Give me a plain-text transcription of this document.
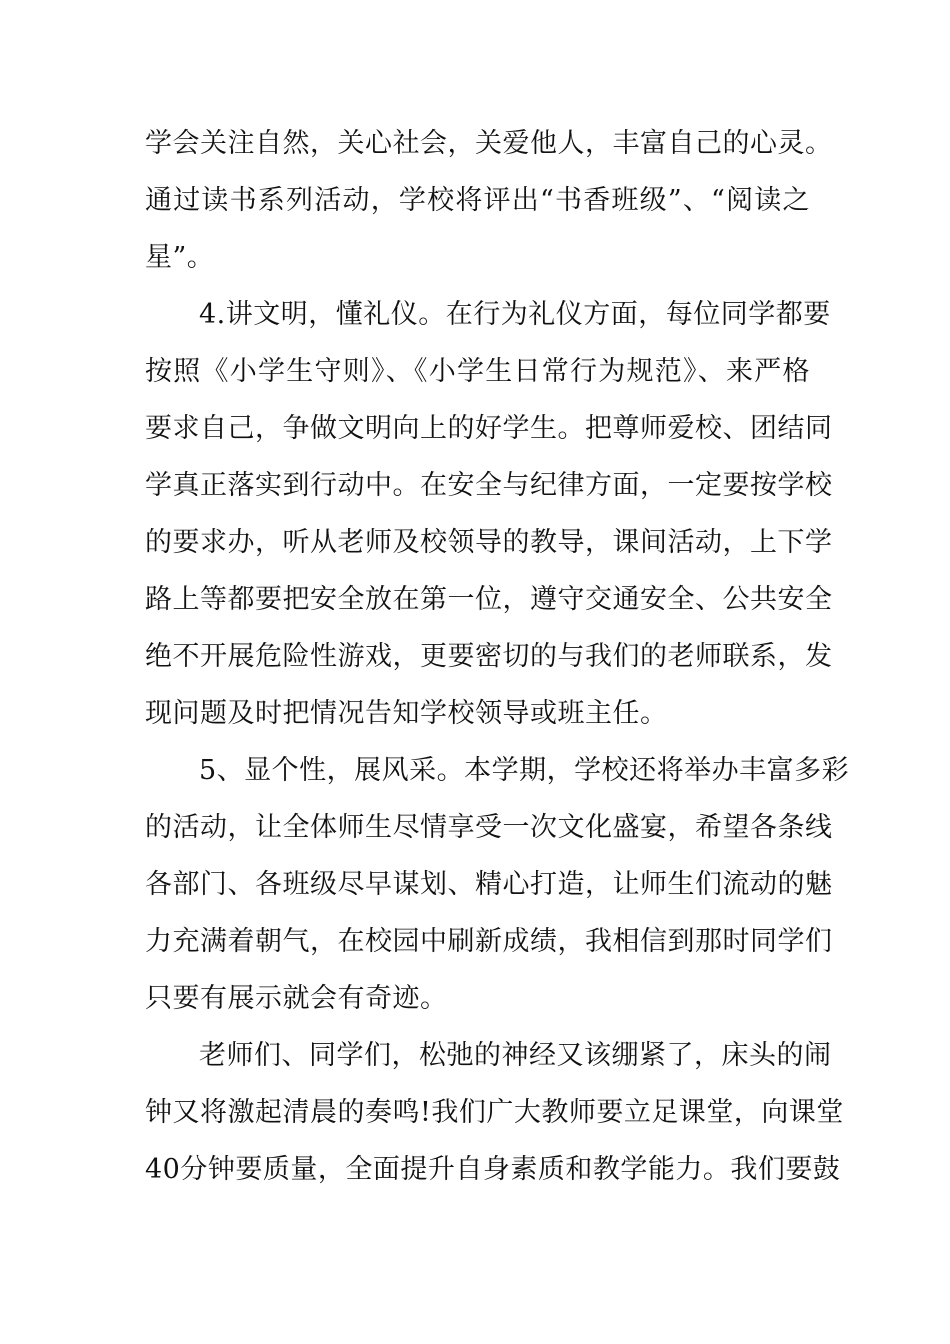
学会关注自然，关心社会，关爱他人，丰富自己的心灵。

通过读书系列活动，学校将评出“书香班级”、“阅读之

星”。

4.讲文明，懂礼仪。在行为礼仪方面，每位同学都要

按照《小学生守则》、《小学生日常行为规范》、来严格

要求自己，争做文明向上的好学生。把尊师爱校、团结同

学真正落实到行动中。在安全与纪律方面，一定要按学校

的要求办，听从老师及校领导的教导，课间活动，上下学

路上等都要把安全放在第一位，遵守交通安全、公共安全

绝不开展危险性游戏，更要密切的与我们的老师联系，发

现问题及时把情况告知学校领导或班主任。

5、显个性，展风采。本学期，学校还将举办丰富多彩

的活动，让全体师生尽情享受一次文化盛宴，希望各条线

各部门、各班级尽早谋划、精心打造，让师生们流动的魅

力充满着朝气，在校园中刷新成绩，我相信到那时同学们

只要有展示就会有奇迹。

老师们、同学们，松弛的神经又该绷紧了，床头的闹

钟又将激起清晨的奏鸣!我们广大教师要立足课堂，向课堂

40分钟要质量，全面提升自身素质和教学能力。我们要鼓
